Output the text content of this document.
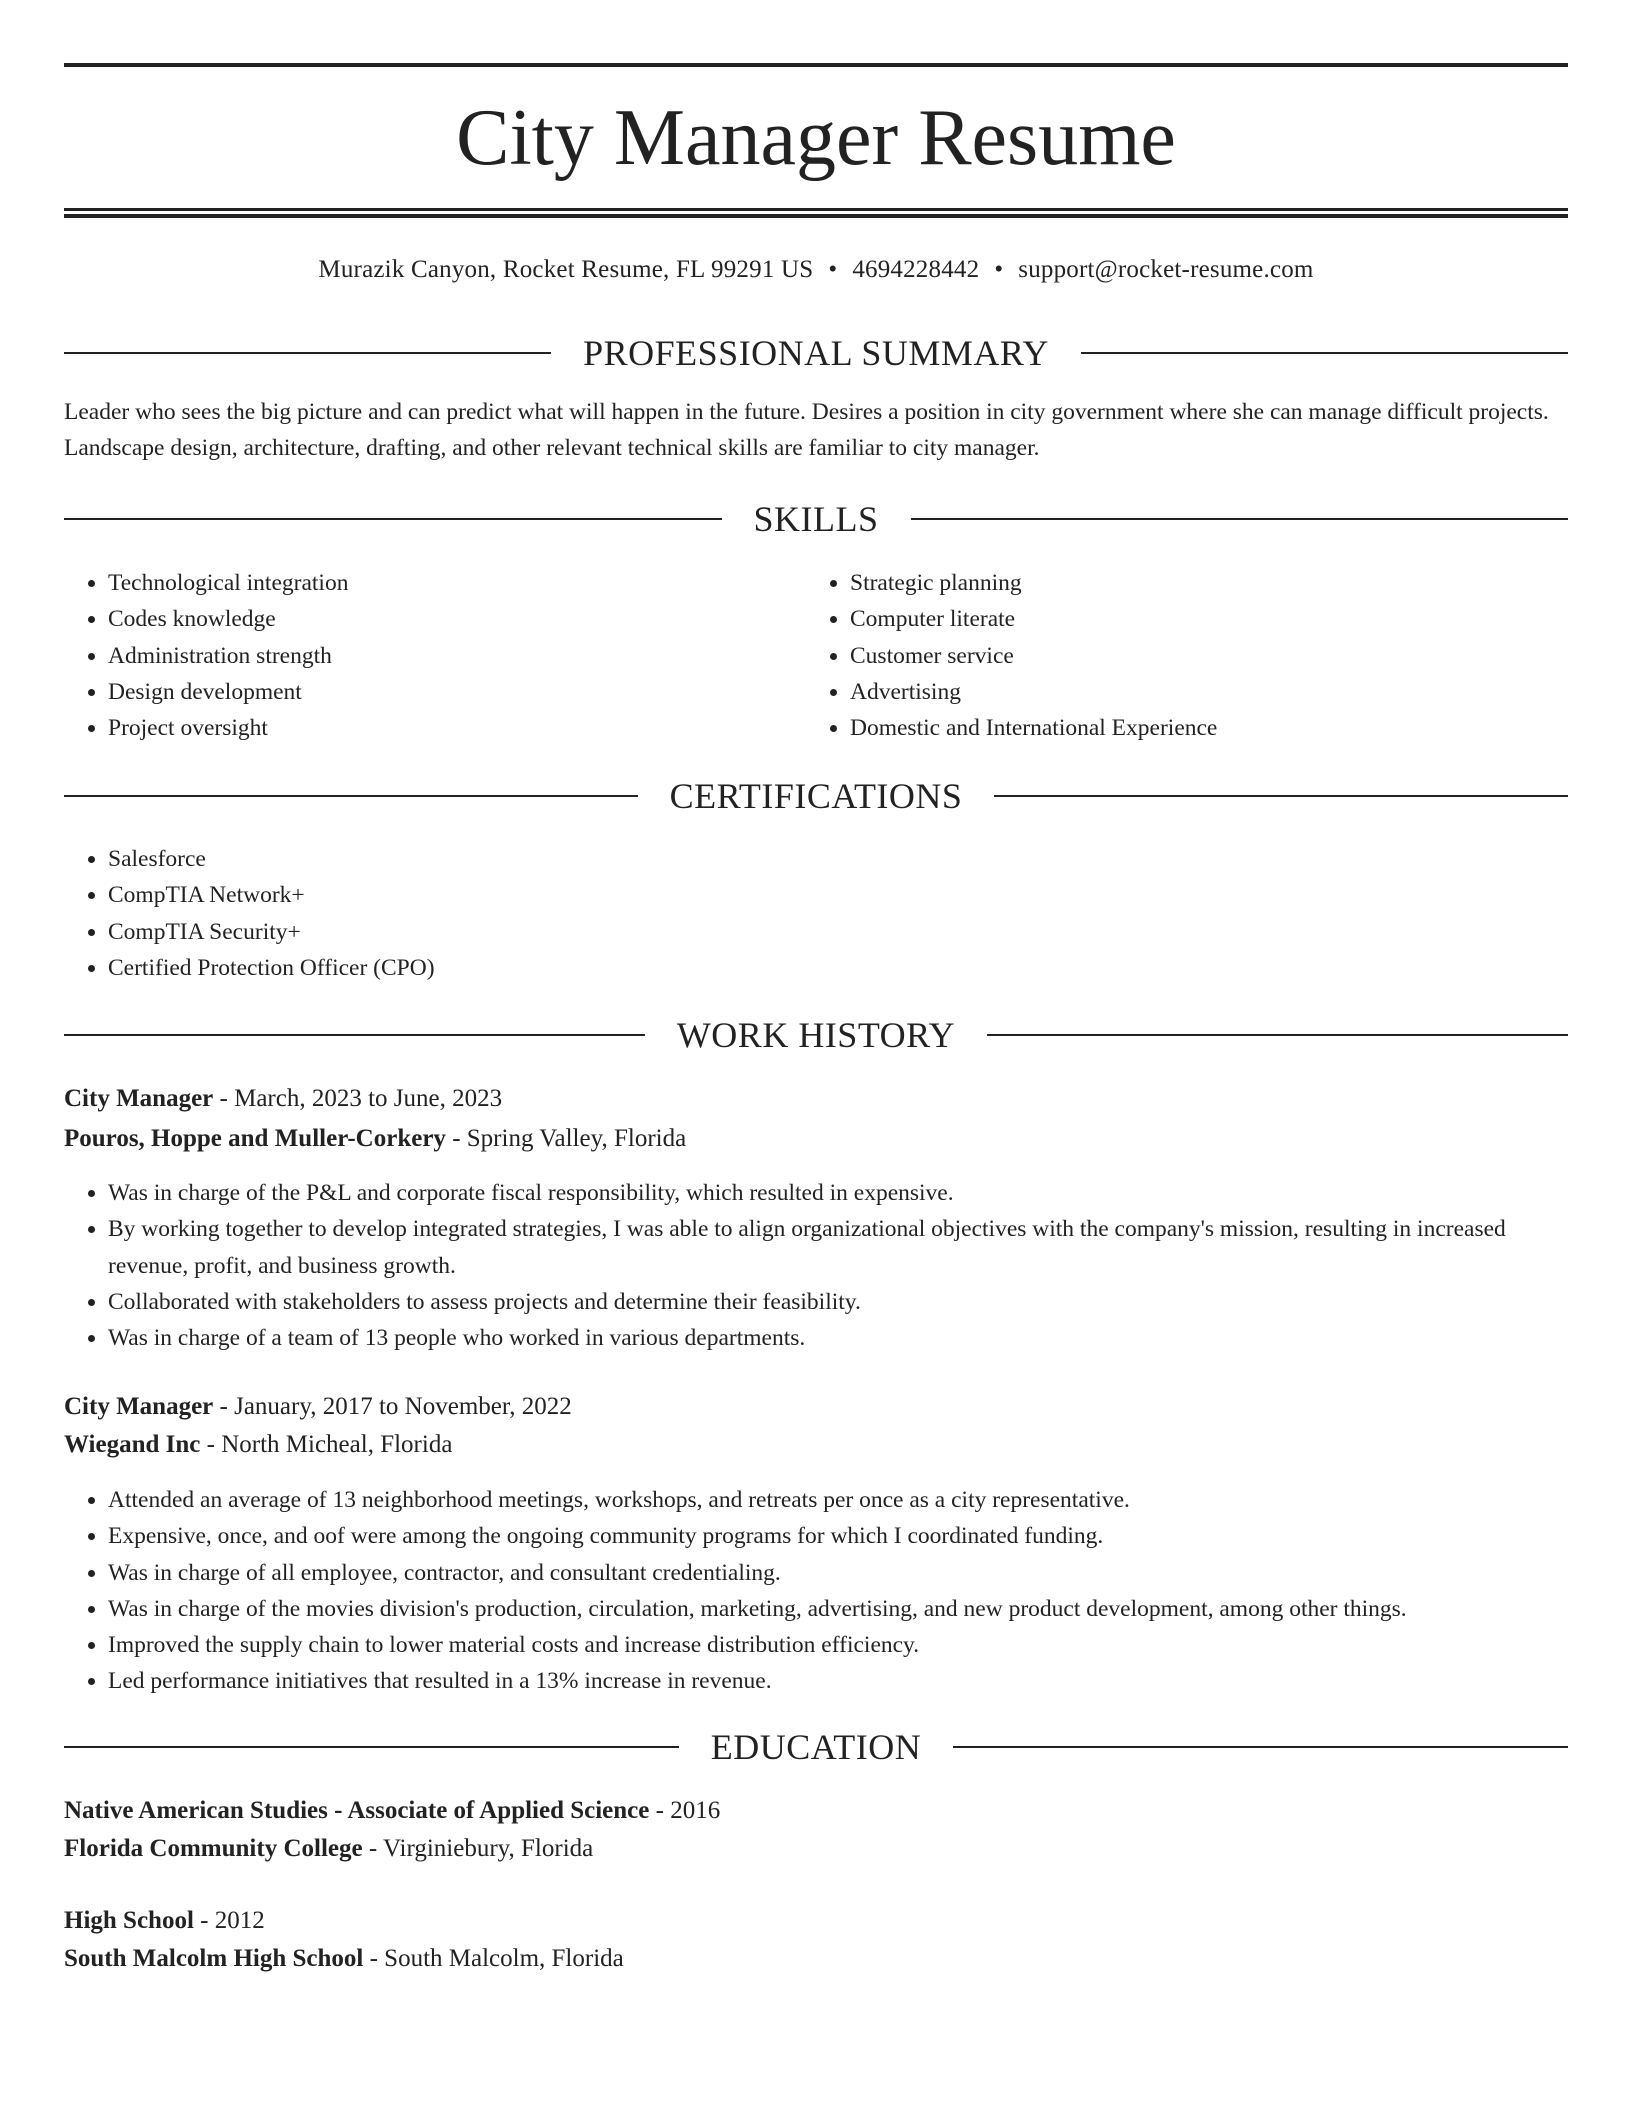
City Manager Resume
Murazik Canyon, Rocket Resume, FL 99291 US • 4694228442 • support@rocket-resume.com
PROFESSIONAL SUMMARY

Leader who sees the big picture and can predict what will happen in the future. Desires a position in city government where she can manage difficult projects. Landscape design, architecture, drafting, and other relevant technical skills are familiar to city manager.

SKILLS
• Technological integration
• Codes knowledge
• Administration strength
• Design development
• Project oversight
• Strategic planning
• Computer literate
• Customer service
• Advertising
• Domestic and International Experience
CERTIFICATIONS
• Salesforce
• CompTIA Network+
• CompTIA Security+
• Certified Protection Officer (CPO)
WORK HISTORY
City Manager - March, 2023 to June, 2023
Pouros, Hoppe and Muller-Corkery - Spring Valley, Florida
• Was in charge of the P&L and corporate fiscal responsibility, which resulted in expensive.
• By working together to develop integrated strategies, I was able to align organizational objectives with the company's mission, resulting in increased revenue, profit, and business growth.
• Collaborated with stakeholders to assess projects and determine their feasibility.
• Was in charge of a team of 13 people who worked in various departments.
City Manager - January, 2017 to November, 2022
Wiegand Inc - North Micheal, Florida
• Attended an average of 13 neighborhood meetings, workshops, and retreats per once as a city representative.
• Expensive, once, and oof were among the ongoing community programs for which I coordinated funding.
• Was in charge of all employee, contractor, and consultant credentialing.
• Was in charge of the movies division's production, circulation, marketing, advertising, and new product development, among other things.
• Improved the supply chain to lower material costs and increase distribution efficiency.
• Led performance initiatives that resulted in a 13% increase in revenue.
EDUCATION
Native American Studies - Associate of Applied Science - 2016
Florida Community College - Virginiebury, Florida
High School - 2012
South Malcolm High School - South Malcolm, Florida
